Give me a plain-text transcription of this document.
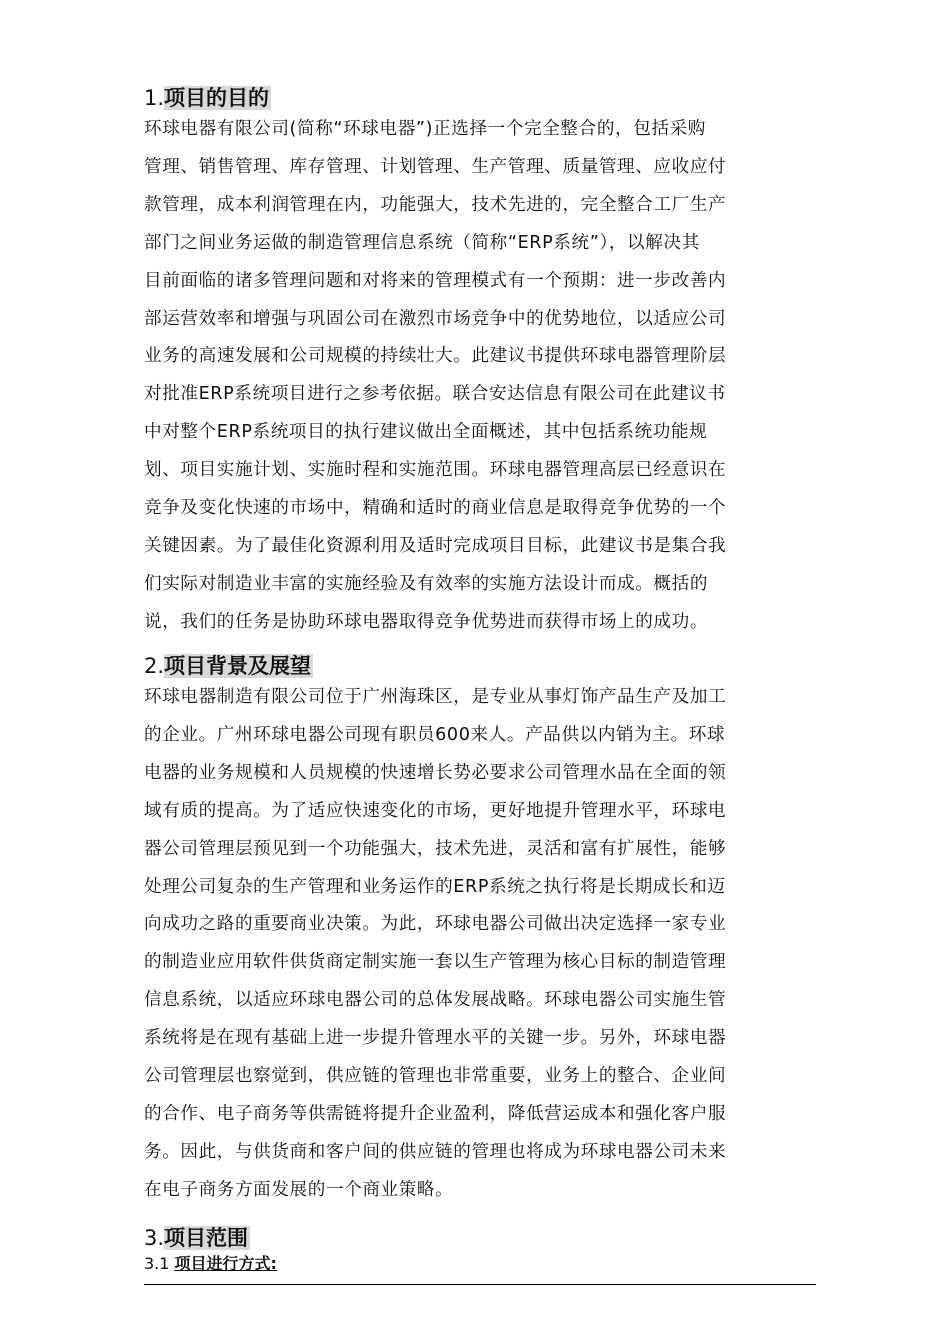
1.项目的目的
环球电器有限公司(简称“环球电器”)正选择一个完全整合的，包括采购
管理、销售管理、库存管理、计划管理、生产管理、质量管理、应收应付
款管理，成本利润管理在内，功能强大，技术先进的，完全整合工厂生产
部门之间业务运做的制造管理信息系统（简称“ERP系统”），以解决其
目前面临的诸多管理问题和对将来的管理模式有一个预期：进一步改善内
部运营效率和增强与巩固公司在激烈市场竞争中的优势地位，以适应公司
业务的高速发展和公司规模的持续壮大。此建议书提供环球电器管理阶层
对批准ERP系统项目进行之参考依据。联合安达信息有限公司在此建议书
中对整个ERP系统项目的执行建议做出全面概述，其中包括系统功能规
划、项目实施计划、实施时程和实施范围。环球电器管理高层已经意识在
竞争及变化快速的市场中，精确和适时的商业信息是取得竞争优势的一个
关键因素。为了最佳化资源利用及适时完成项目目标，此建议书是集合我
们实际对制造业丰富的实施经验及有效率的实施方法设计而成。概括的
说，我们的任务是协助环球电器取得竞争优势进而获得市场上的成功。
2.项目背景及展望
环球电器制造有限公司位于广州海珠区，是专业从事灯饰产品生产及加工
的企业。广州环球电器公司现有职员600来人。产品供以内销为主。环球
电器的业务规模和人员规模的快速增长势必要求公司管理水品在全面的领
域有质的提高。为了适应快速变化的市场，更好地提升管理水平，环球电
器公司管理层预见到一个功能强大，技术先进，灵活和富有扩展性，能够
处理公司复杂的生产管理和业务运作的ERP系统之执行将是长期成长和迈
向成功之路的重要商业决策。为此，环球电器公司做出决定选择一家专业
的制造业应用软件供货商定制实施一套以生产管理为核心目标的制造管理
信息系统，以适应环球电器公司的总体发展战略。环球电器公司实施生管
系统将是在现有基础上进一步提升管理水平的关键一步。另外，环球电器
公司管理层也察觉到，供应链的管理也非常重要，业务上的整合、企业间
的合作、电子商务等供需链将提升企业盈利，降低营运成本和强化客户服
务。因此，与供货商和客户间的供应链的管理也将成为环球电器公司未来
在电子商务方面发展的一个商业策略。
3.项目范围
3.1 项目进行方式:
